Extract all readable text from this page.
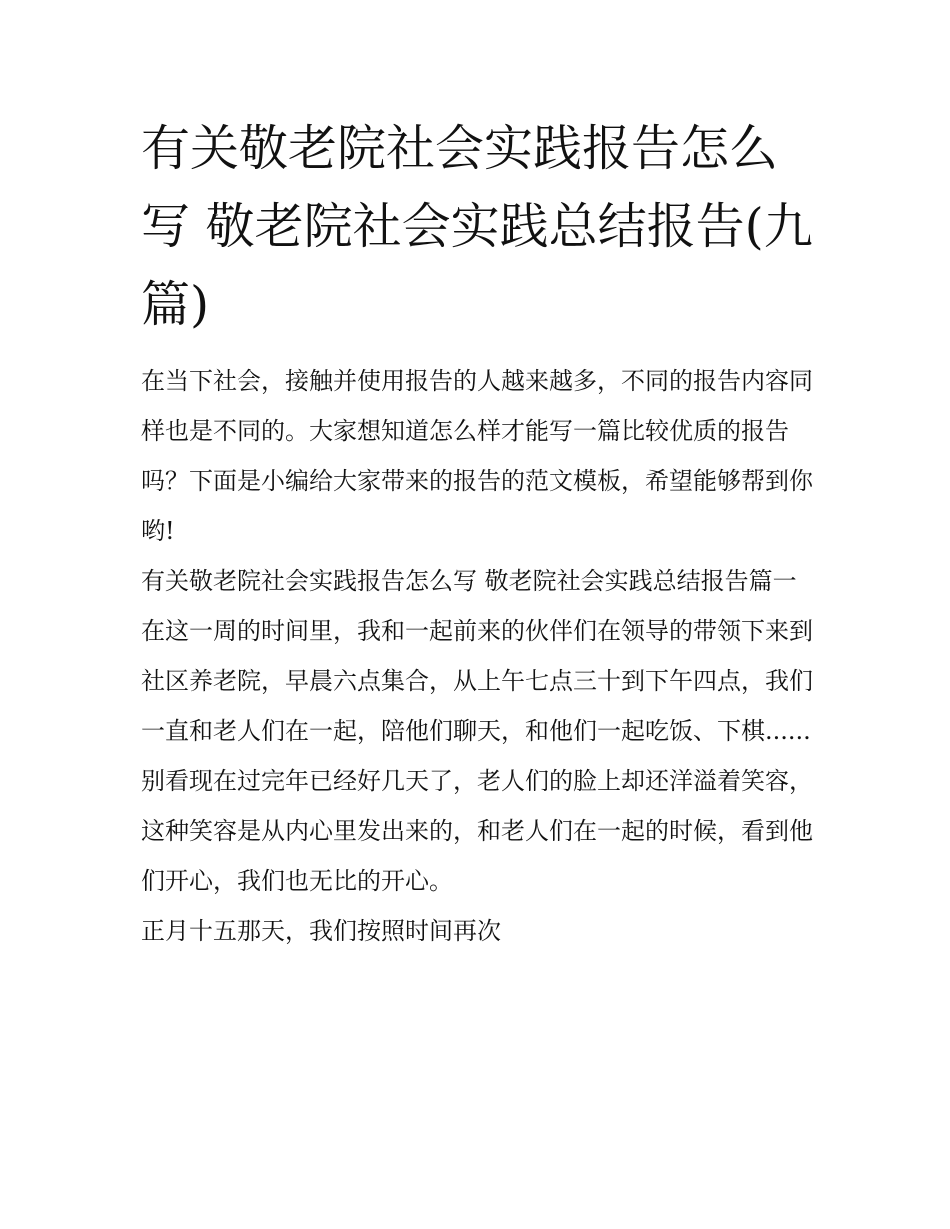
有关敬老院社会实践报告怎么写 敬老院社会实践总结报告(九篇)

在当下社会，接触并使用报告的人越来越多，不同的报告内容同样也是不同的。大家想知道怎么样才能写一篇比较优质的报告吗？下面是小编给大家带来的报告的范文模板，希望能够帮到你哟!

有关敬老院社会实践报告怎么写 敬老院社会实践总结报告篇一

在这一周的时间里，我和一起前来的伙伴们在领导的带领下来到社区养老院，早晨六点集合，从上午七点三十到下午四点，我们一直和老人们在一起，陪他们聊天，和他们一起吃饭、下棋......别看现在过完年已经好几天了，老人们的脸上却还洋溢着笑容，这种笑容是从内心里发出来的，和老人们在一起的时候，看到他们开心，我们也无比的开心。

正月十五那天，我们按照时间再次
